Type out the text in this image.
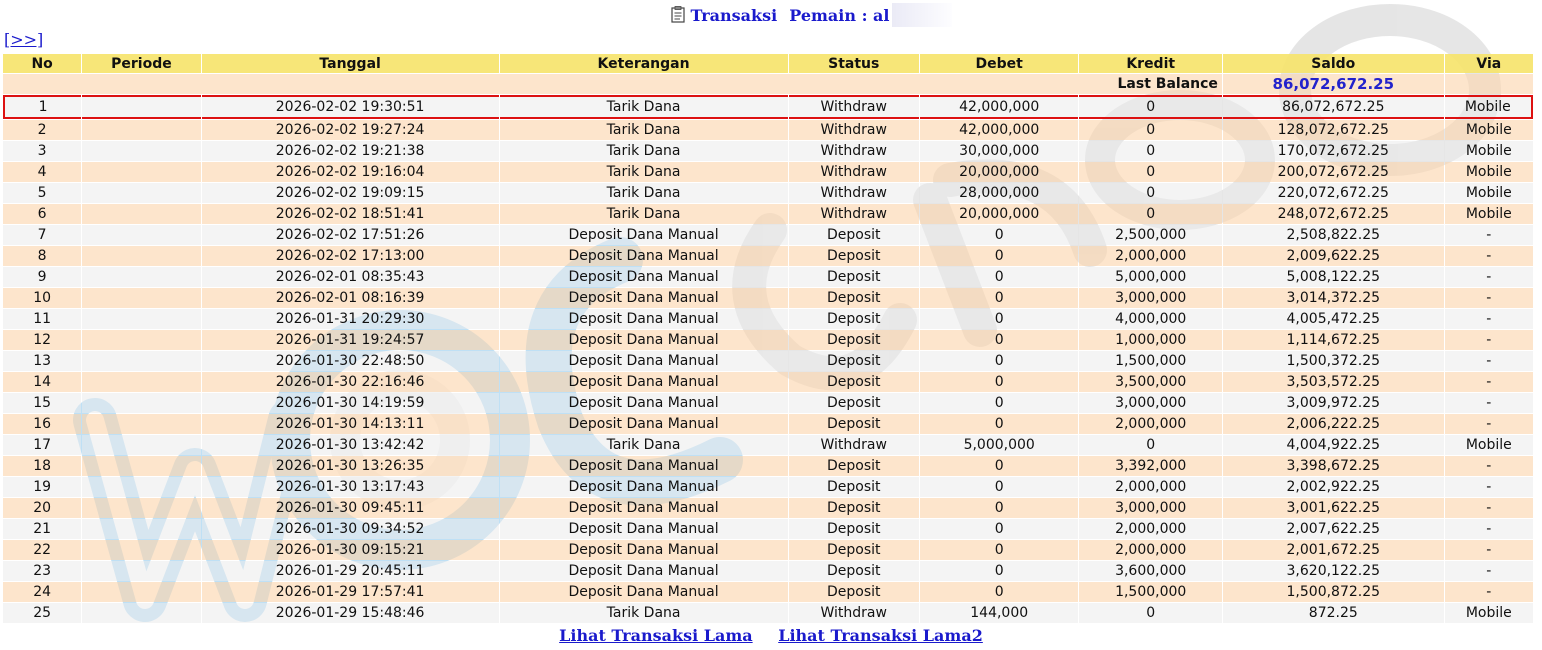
Transaksi Pemain : al
[>>]
No	Periode	Tanggal	Keterangan	Status	Debet	Kredit	Saldo	Via
Last Balance							86,072,672.25	
1		2026-02-02 19:30:51	Tarik Dana	Withdraw	42,000,000	0	86,072,672.25	Mobile
2		2026-02-02 19:27:24	Tarik Dana	Withdraw	42,000,000	0	128,072,672.25	Mobile
3		2026-02-02 19:21:38	Tarik Dana	Withdraw	30,000,000	0	170,072,672.25	Mobile
4		2026-02-02 19:16:04	Tarik Dana	Withdraw	20,000,000	0	200,072,672.25	Mobile
5		2026-02-02 19:09:15	Tarik Dana	Withdraw	28,000,000	0	220,072,672.25	Mobile
6		2026-02-02 18:51:41	Tarik Dana	Withdraw	20,000,000	0	248,072,672.25	Mobile
7		2026-02-02 17:51:26	Deposit Dana Manual	Deposit	0	2,500,000	2,508,822.25	-
8		2026-02-02 17:13:00	Deposit Dana Manual	Deposit	0	2,000,000	2,009,622.25	-
9		2026-02-01 08:35:43	Deposit Dana Manual	Deposit	0	5,000,000	5,008,122.25	-
10		2026-02-01 08:16:39	Deposit Dana Manual	Deposit	0	3,000,000	3,014,372.25	-
11		2026-01-31 20:29:30	Deposit Dana Manual	Deposit	0	4,000,000	4,005,472.25	-
12		2026-01-31 19:24:57	Deposit Dana Manual	Deposit	0	1,000,000	1,114,672.25	-
13		2026-01-30 22:48:50	Deposit Dana Manual	Deposit	0	1,500,000	1,500,372.25	-
14		2026-01-30 22:16:46	Deposit Dana Manual	Deposit	0	3,500,000	3,503,572.25	-
15		2026-01-30 14:19:59	Deposit Dana Manual	Deposit	0	3,000,000	3,009,972.25	-
16		2026-01-30 14:13:11	Deposit Dana Manual	Deposit	0	2,000,000	2,006,222.25	-
17		2026-01-30 13:42:42	Tarik Dana	Withdraw	5,000,000	0	4,004,922.25	Mobile
18		2026-01-30 13:26:35	Deposit Dana Manual	Deposit	0	3,392,000	3,398,672.25	-
19		2026-01-30 13:17:43	Deposit Dana Manual	Deposit	0	2,000,000	2,002,922.25	-
20		2026-01-30 09:45:11	Deposit Dana Manual	Deposit	0	3,000,000	3,001,622.25	-
21		2026-01-30 09:34:52	Deposit Dana Manual	Deposit	0	2,000,000	2,007,622.25	-
22		2026-01-30 09:15:21	Deposit Dana Manual	Deposit	0	2,000,000	2,001,672.25	-
23		2026-01-29 20:45:11	Deposit Dana Manual	Deposit	0	3,600,000	3,620,122.25	-
24		2026-01-29 17:57:41	Deposit Dana Manual	Deposit	0	1,500,000	1,500,872.25	-
25		2026-01-29 15:48:46	Tarik Dana	Withdraw	144,000	0	872.25	Mobile
Lihat Transaksi Lama Lihat Transaksi Lama2
